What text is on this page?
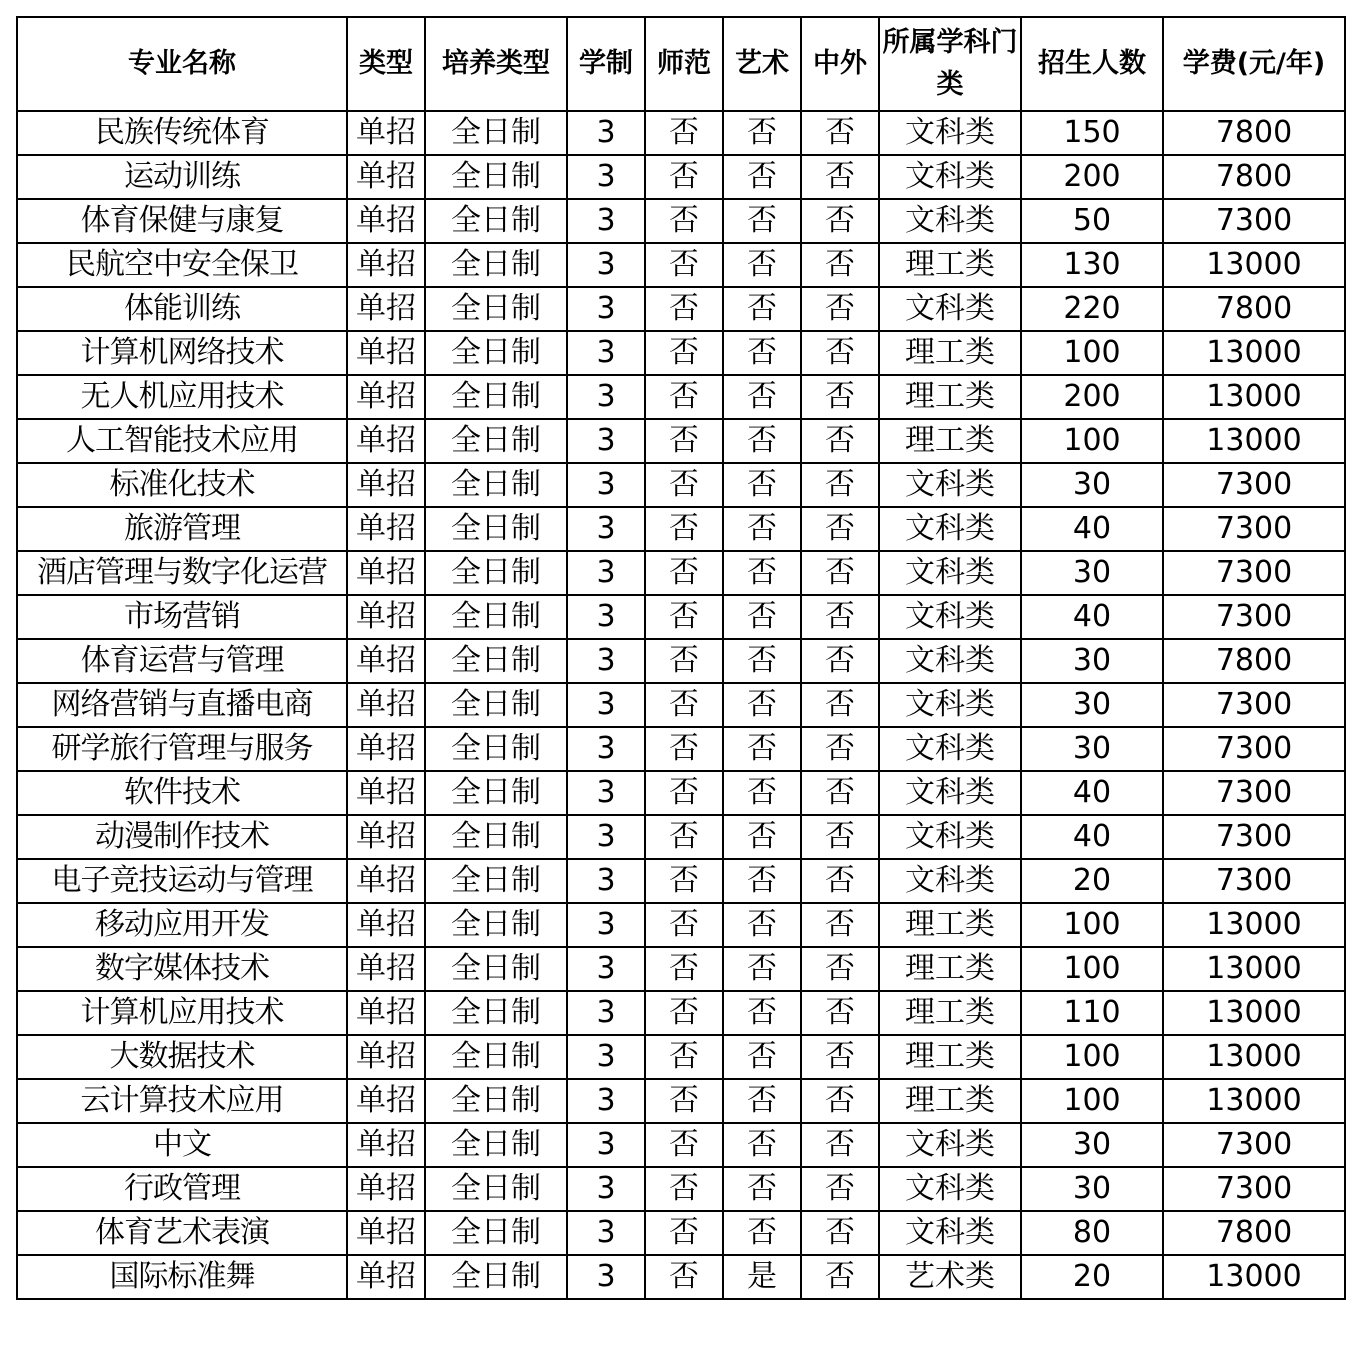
专业名称	类型	培养类型	学制	师范	艺术	中外	所属学科门类	招生人数	学费(元/年)
民族传统体育	单招	全日制	3	否	否	否	文科类	150	7800
运动训练	单招	全日制	3	否	否	否	文科类	200	7800
体育保健与康复	单招	全日制	3	否	否	否	文科类	50	7300
民航空中安全保卫	单招	全日制	3	否	否	否	理工类	130	13000
体能训练	单招	全日制	3	否	否	否	文科类	220	7800
计算机网络技术	单招	全日制	3	否	否	否	理工类	100	13000
无人机应用技术	单招	全日制	3	否	否	否	理工类	200	13000
人工智能技术应用	单招	全日制	3	否	否	否	理工类	100	13000
标准化技术	单招	全日制	3	否	否	否	文科类	30	7300
旅游管理	单招	全日制	3	否	否	否	文科类	40	7300
酒店管理与数字化运营	单招	全日制	3	否	否	否	文科类	30	7300
市场营销	单招	全日制	3	否	否	否	文科类	40	7300
体育运营与管理	单招	全日制	3	否	否	否	文科类	30	7800
网络营销与直播电商	单招	全日制	3	否	否	否	文科类	30	7300
研学旅行管理与服务	单招	全日制	3	否	否	否	文科类	30	7300
软件技术	单招	全日制	3	否	否	否	文科类	40	7300
动漫制作技术	单招	全日制	3	否	否	否	文科类	40	7300
电子竞技运动与管理	单招	全日制	3	否	否	否	文科类	20	7300
移动应用开发	单招	全日制	3	否	否	否	理工类	100	13000
数字媒体技术	单招	全日制	3	否	否	否	理工类	100	13000
计算机应用技术	单招	全日制	3	否	否	否	理工类	110	13000
大数据技术	单招	全日制	3	否	否	否	理工类	100	13000
云计算技术应用	单招	全日制	3	否	否	否	理工类	100	13000
中文	单招	全日制	3	否	否	否	文科类	30	7300
行政管理	单招	全日制	3	否	否	否	文科类	30	7300
体育艺术表演	单招	全日制	3	否	否	否	文科类	80	7800
国际标准舞	单招	全日制	3	否	是	否	艺术类	20	13000
